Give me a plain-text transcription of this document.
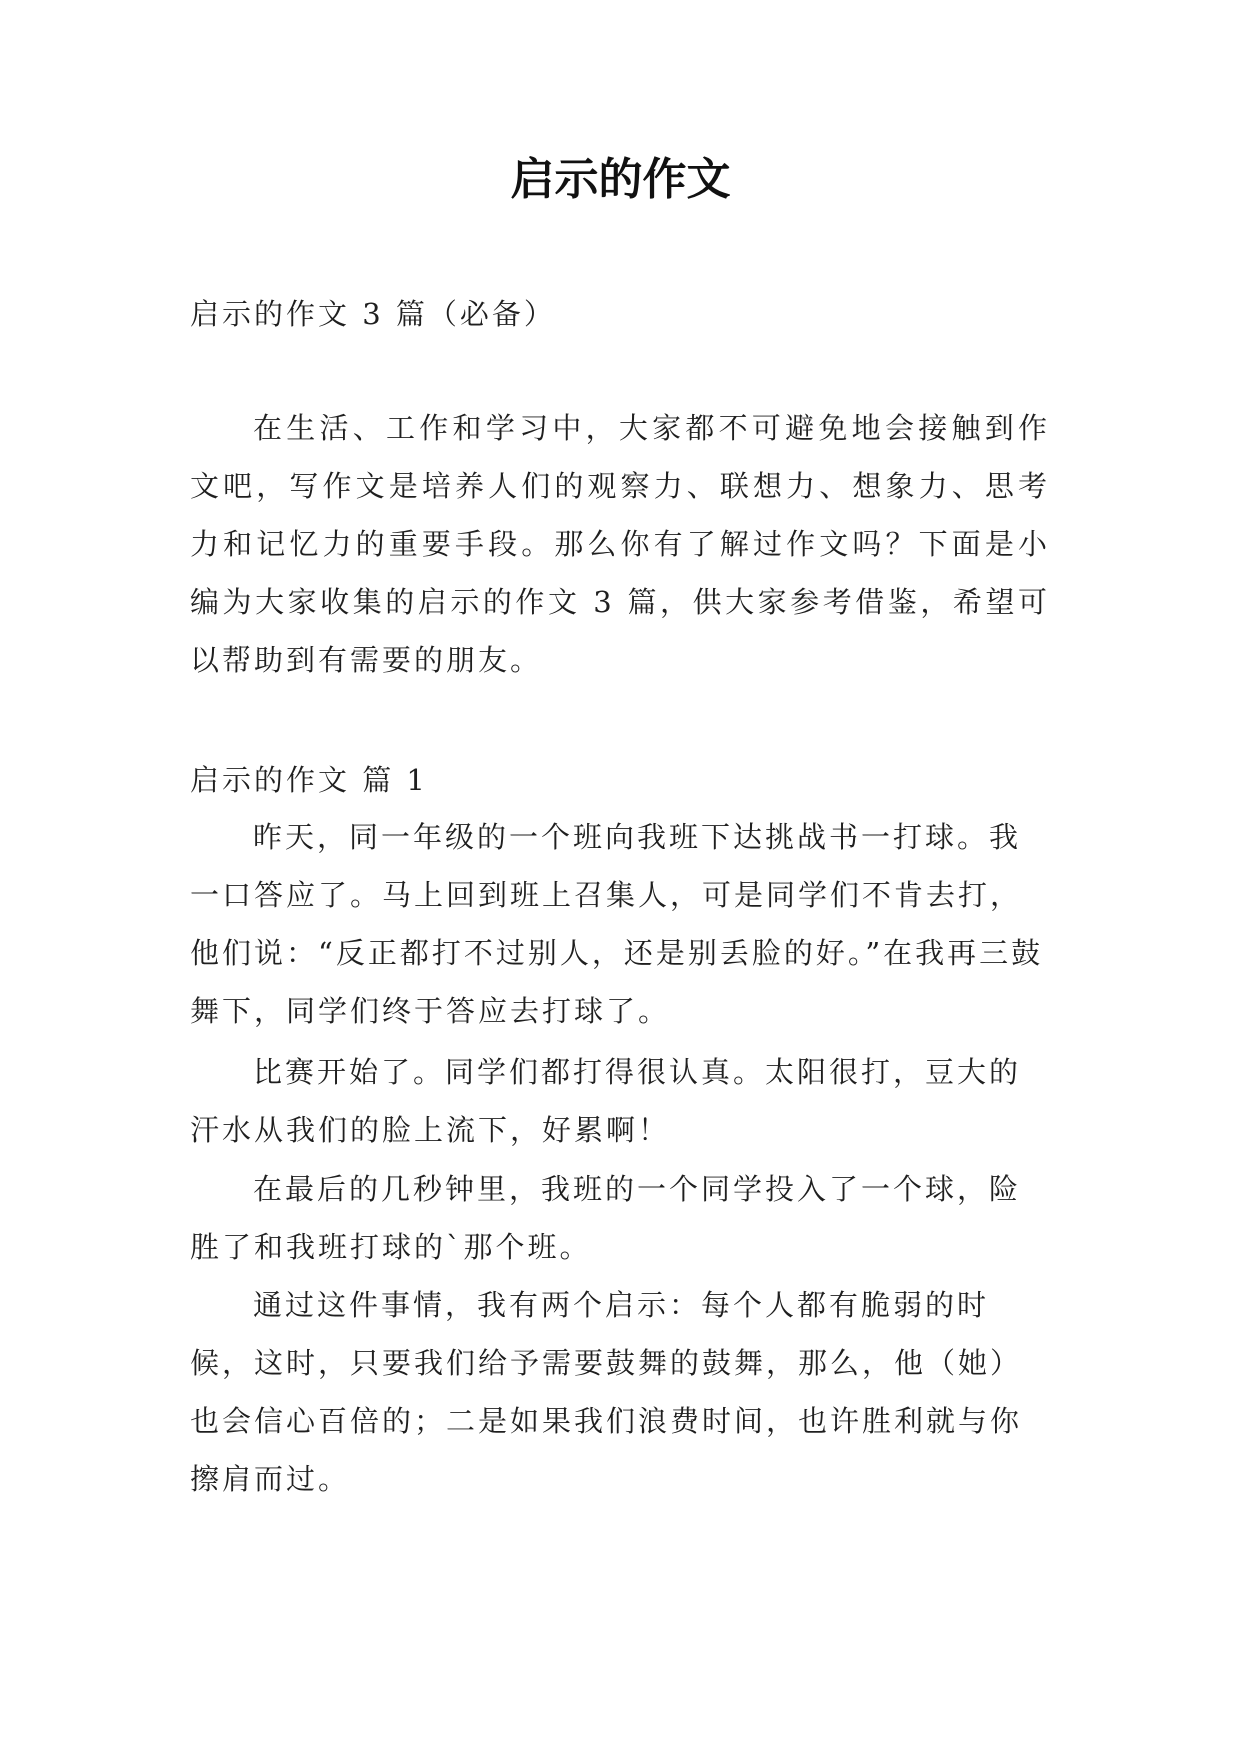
启示的作文

启示的作文 3 篇（必备）

在生活、工作和学习中，大家都不可避免地会接触到作文吧，写作文是培养人们的观察力、联想力、想象力、思考力和记忆力的重要手段。那么你有了解过作文吗？下面是小编为大家收集的启示的作文 3 篇，供大家参考借鉴，希望可以帮助到有需要的朋友。

启示的作文 篇 1

昨天，同一年级的一个班向我班下达挑战书一打球。我一口答应了。马上回到班上召集人，可是同学们不肯去打，他们说：“反正都打不过别人，还是别丢脸的好。”在我再三鼓舞下，同学们终于答应去打球了。

比赛开始了。同学们都打得很认真。太阳很打，豆大的汗水从我们的脸上流下，好累啊！

在最后的几秒钟里，我班的一个同学投入了一个球，险胜了和我班打球的`那个班。

通过这件事情，我有两个启示：每个人都有脆弱的时候，这时，只要我们给予需要鼓舞的鼓舞，那么，他（她）也会信心百倍的；二是如果我们浪费时间，也许胜利就与你擦肩而过。
